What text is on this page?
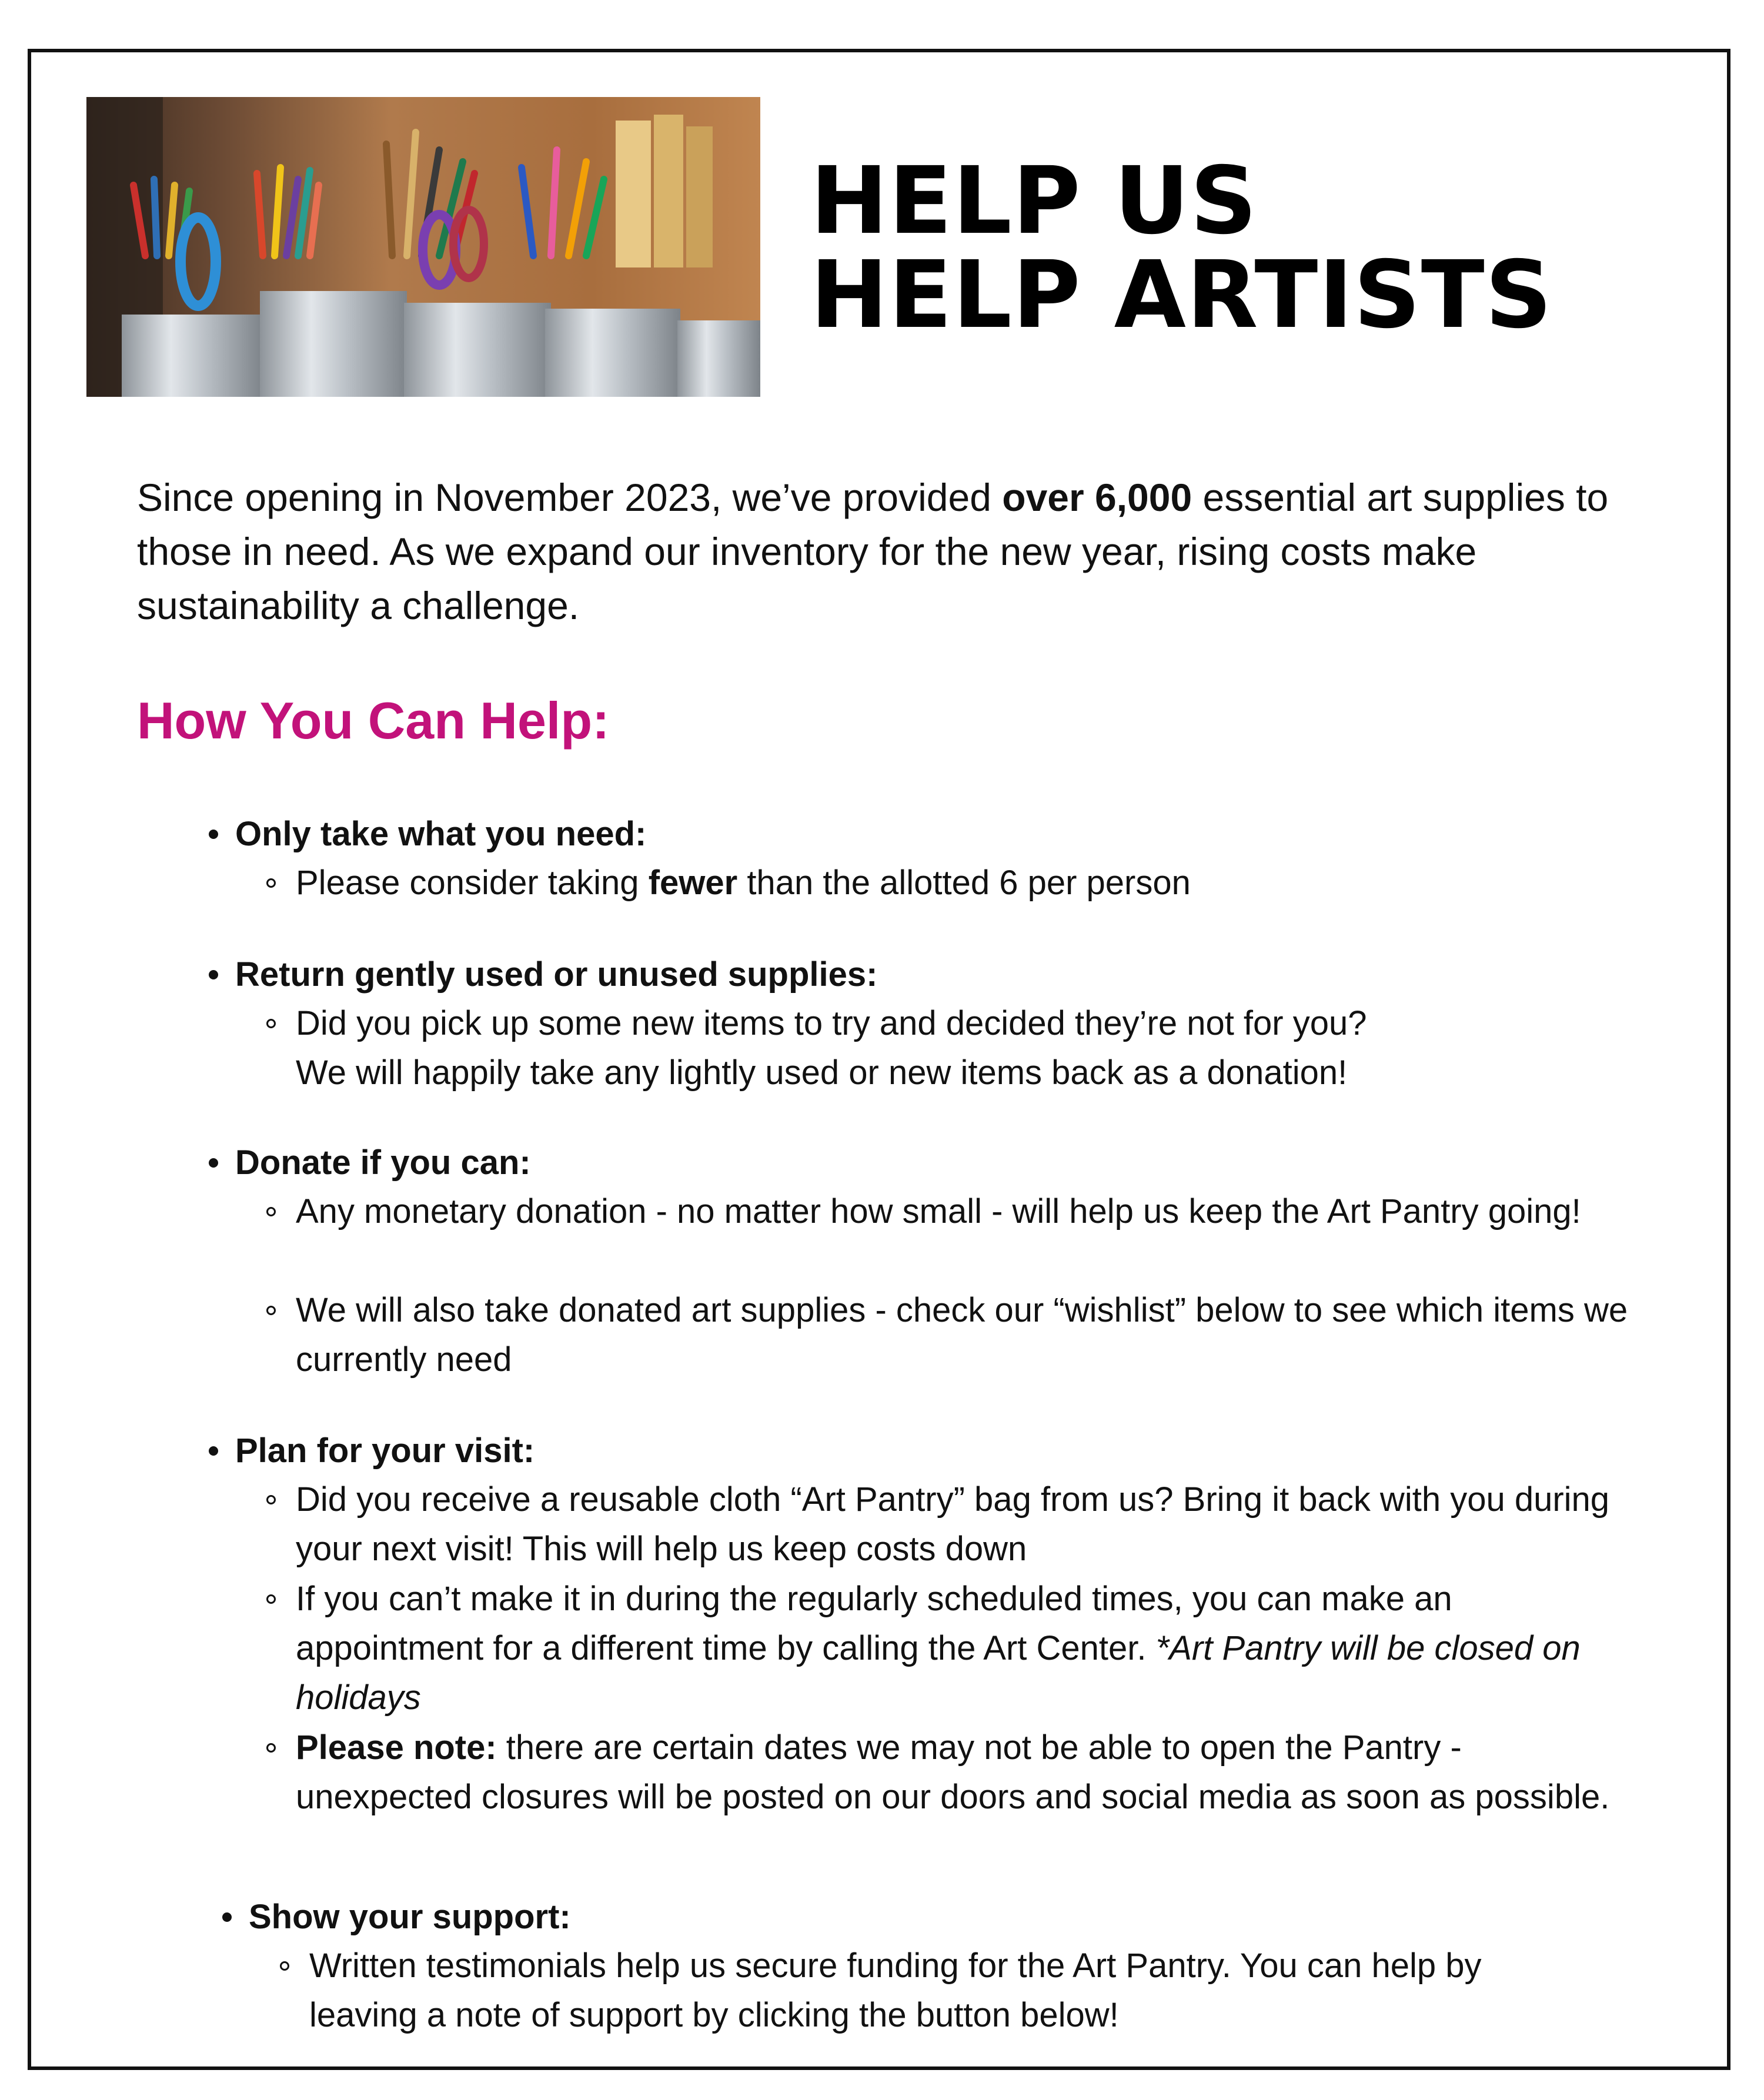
HELP US
HELP ARTISTS

Since opening in November 2023, we’ve provided over 6,000 essential art supplies to those in need. As we expand our inventory for the new year, rising costs make sustainability a challenge.

How You Can Help:

Only take what you need:

Please consider taking fewer than the allotted 6 per person

Return gently used or unused supplies:

Did you pick up some new items to try and decided they’re not for you?
We will happily take any lightly used or new items back as a donation!

Donate if you can:

Any monetary donation - no matter how small - will help us keep the Art Pantry going!

We will also take donated art supplies - check our “wishlist” below to see which items we currently need

Plan for your visit:

Did you receive a reusable cloth “Art Pantry” bag from us? Bring it back with you during your next visit! This will help us keep costs down

If you can’t make it in during the regularly scheduled times, you can make an appointment for a different time by calling the Art Center. *Art Pantry will be closed on holidays

Please note: there are certain dates we may not be able to open the Pantry - unexpected closures will be posted on our doors and social media as soon as possible.

Show your support:

Written testimonials help us secure funding for the Art Pantry. You can help by leaving a note of support by clicking the button below!
